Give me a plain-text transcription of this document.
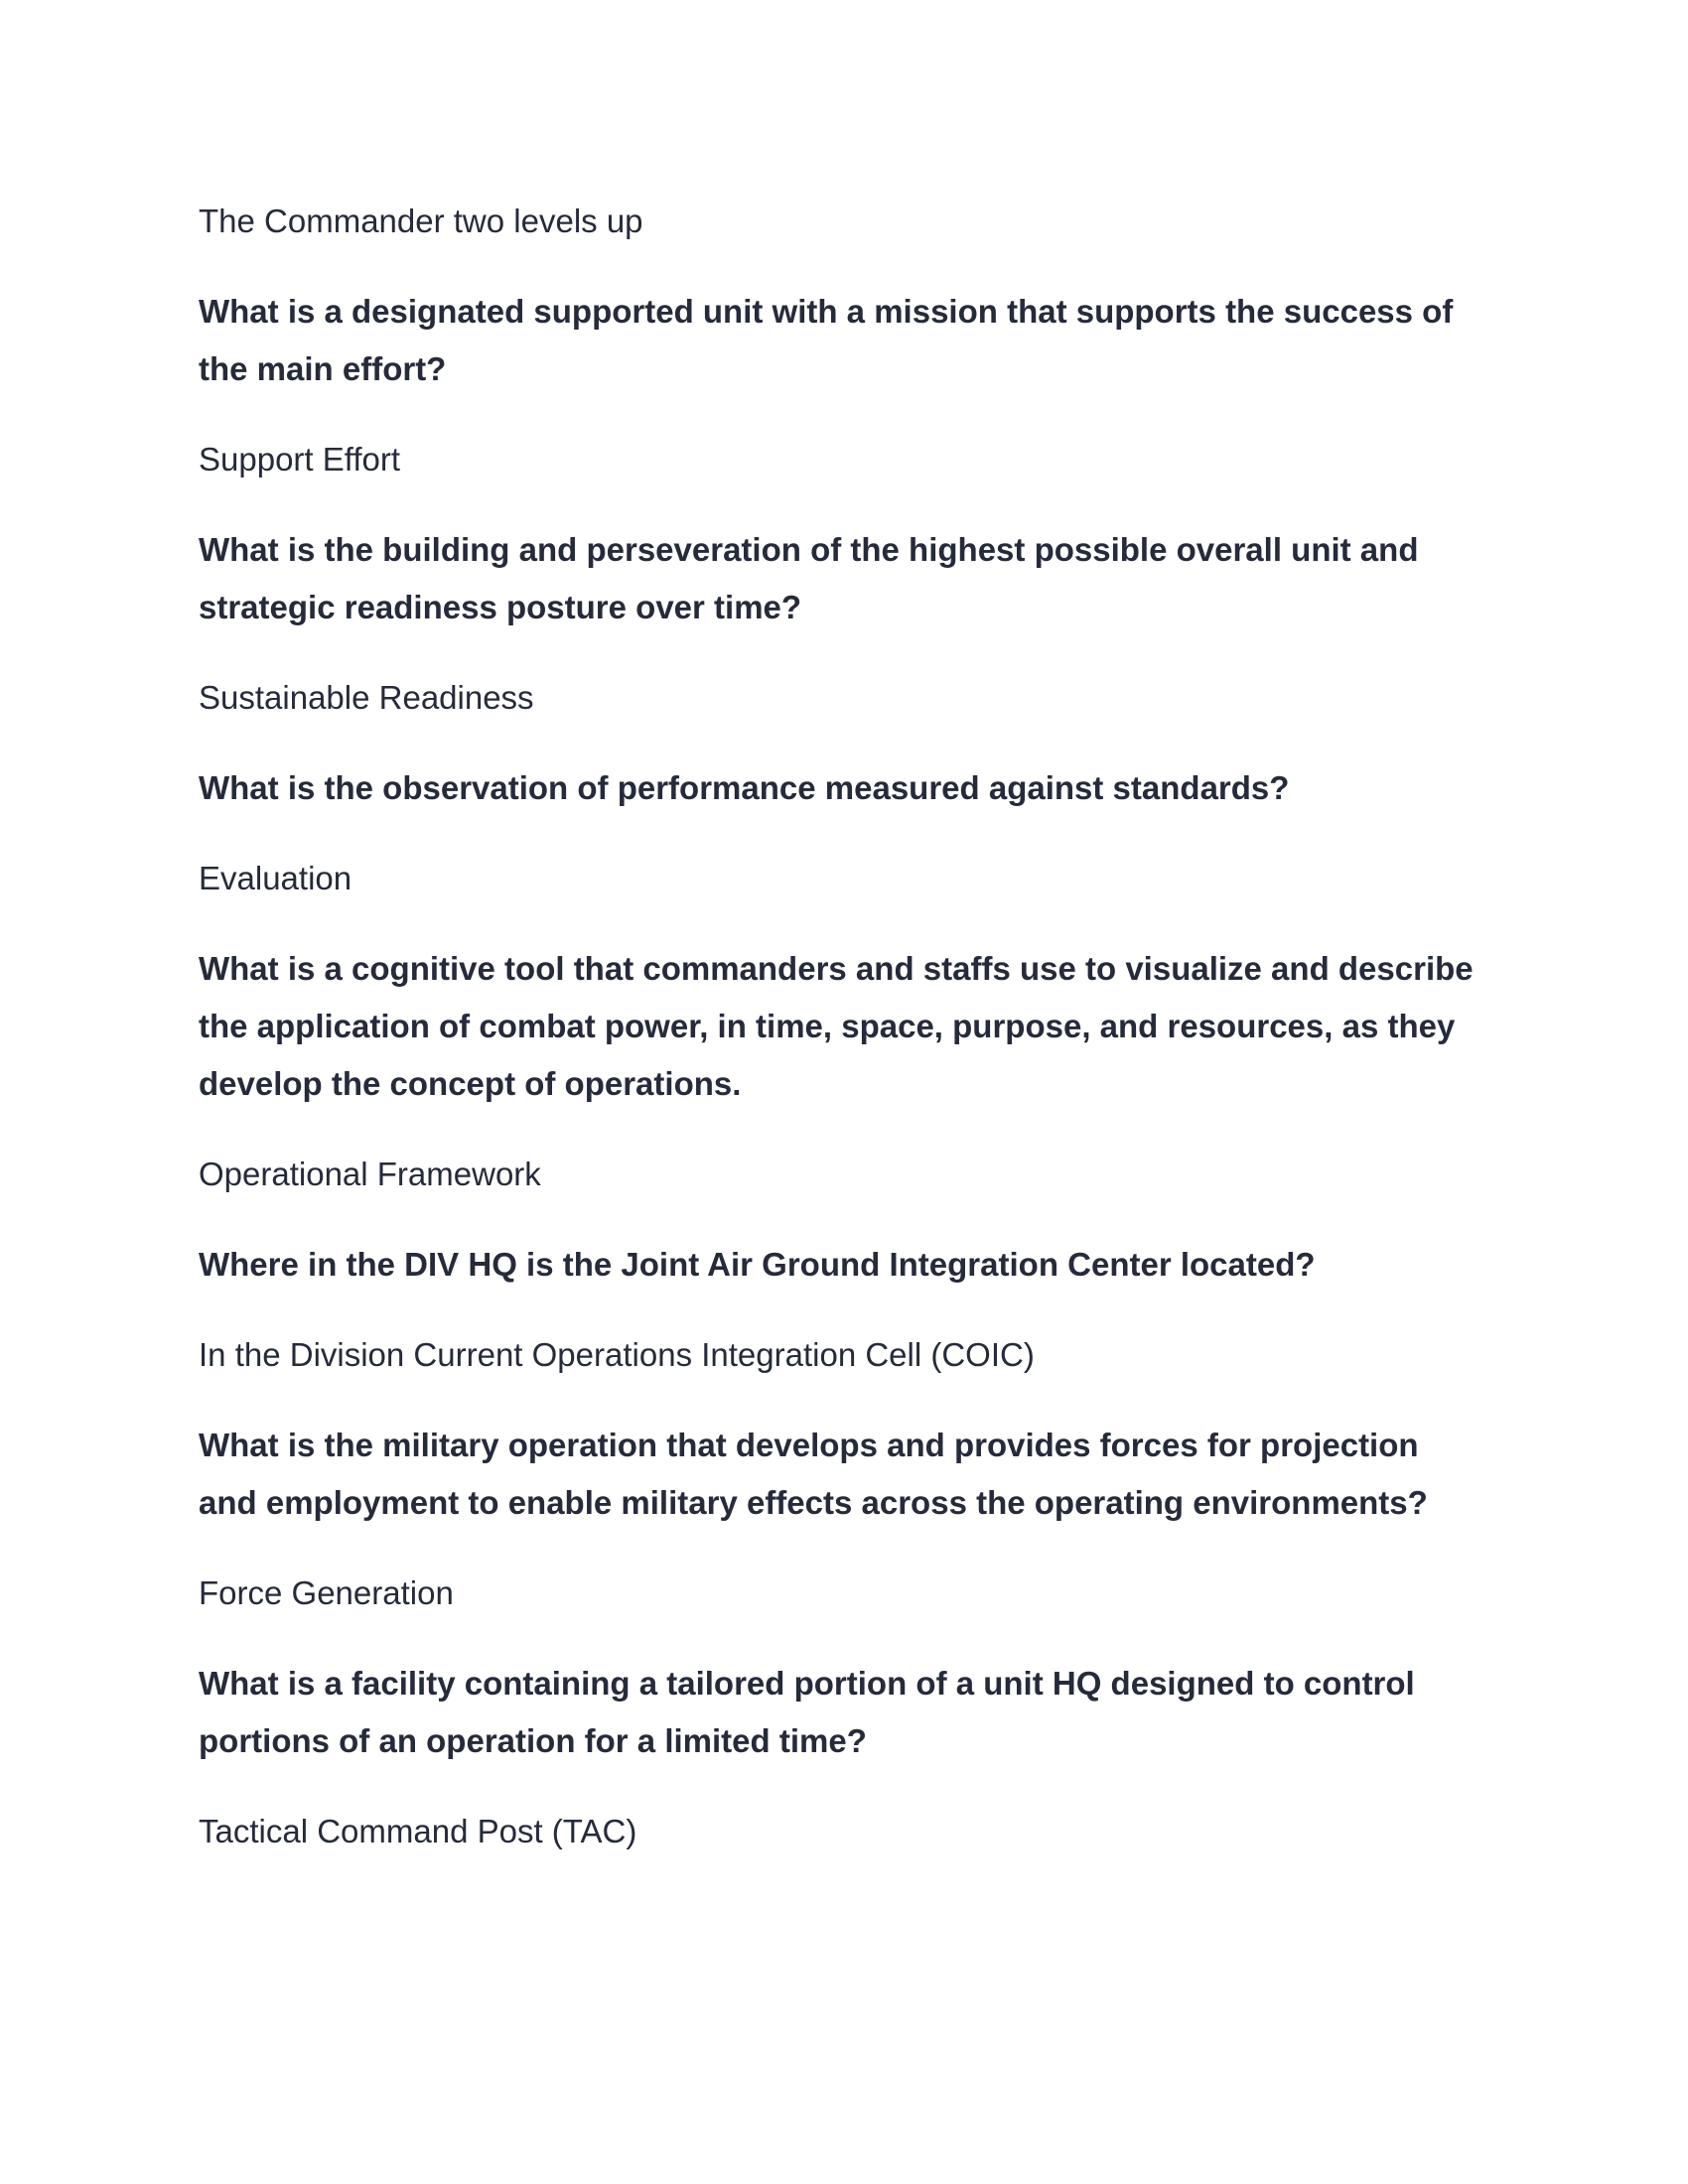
The Commander two levels up

What is a designated supported unit with a mission that supports the success of

the main effort?

Support Effort

What is the building and perseveration of the highest possible overall unit and

strategic readiness posture over time?

Sustainable Readiness

What is the observation of performance measured against standards?

Evaluation

What is a cognitive tool that commanders and staffs use to visualize and describe

the application of combat power, in time, space, purpose, and resources, as they

develop the concept of operations.

Operational Framework

Where in the DIV HQ is the Joint Air Ground Integration Center located?

In the Division Current Operations Integration Cell (COIC)

What is the military operation that develops and provides forces for projection

and employment to enable military effects across the operating environments?

Force Generation

What is a facility containing a tailored portion of a unit HQ designed to control

portions of an operation for a limited time?

Tactical Command Post (TAC)
